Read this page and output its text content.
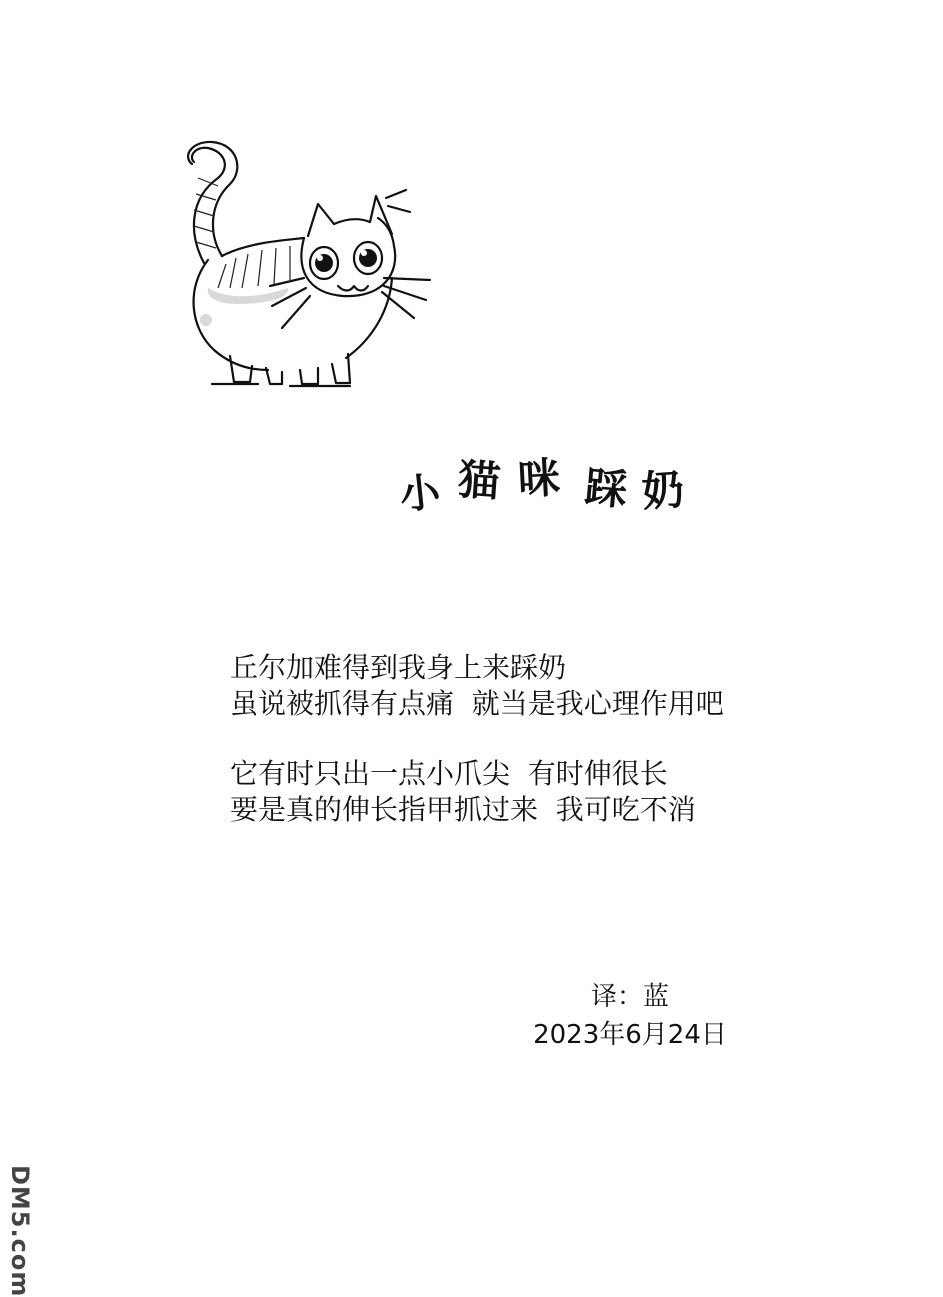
小 猫 咪 踩 奶

丘尔加难得到我身上来踩奶

虽说被抓得有点痛  就当是我心理作用吧

它有时只出一点小爪尖  有时伸很长

要是真的伸长指甲抓过来  我可吃不消

译：蓝
2023年6月24日
DM5.com
